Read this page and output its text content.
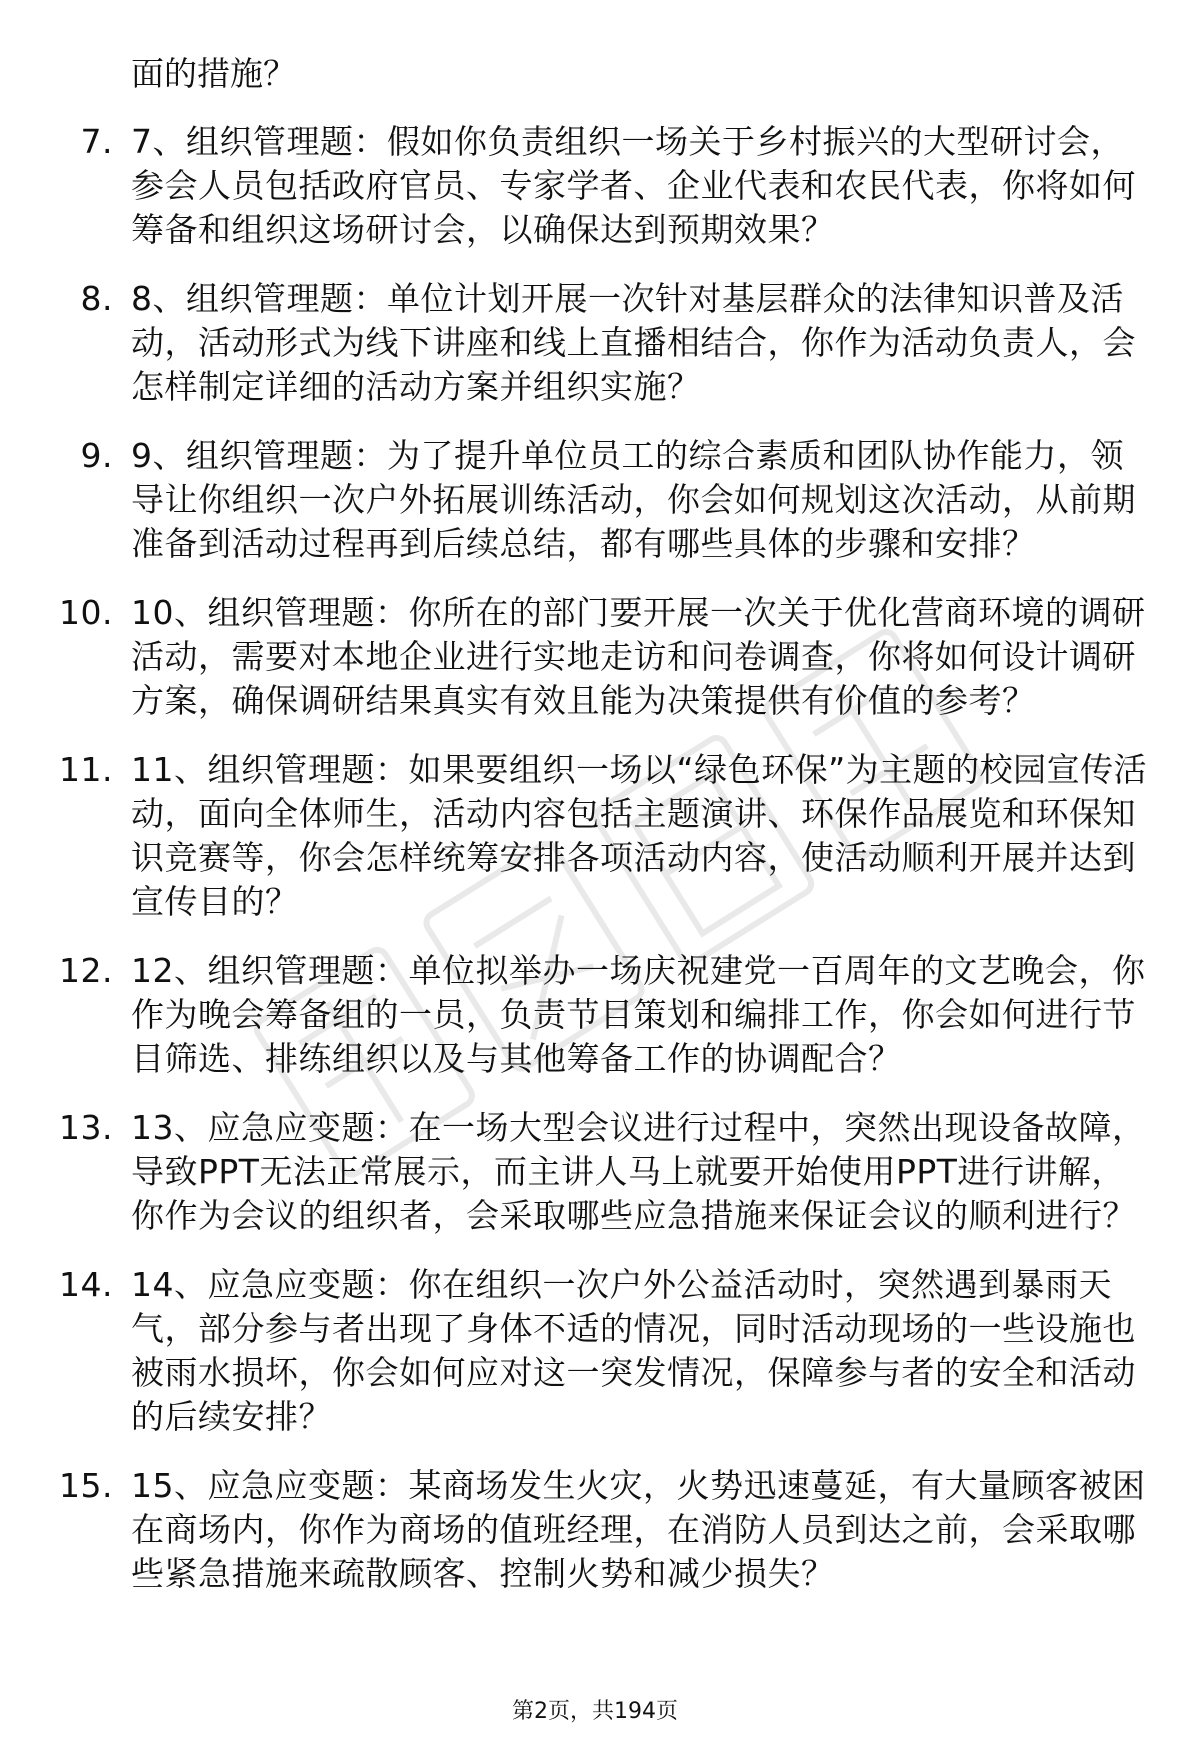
面的措施？

7. 7、组织管理题：假如你负责组织一场关于乡村振兴的大型研讨会，参会人员包括政府官员、专家学者、企业代表和农民代表，你将如何筹备和组织这场研讨会，以确保达到预期效果？
8. 8、组织管理题：单位计划开展一次针对基层群众的法律知识普及活动，活动形式为线下讲座和线上直播相结合，你作为活动负责人，会怎样制定详细的活动方案并组织实施？
9. 9、组织管理题：为了提升单位员工的综合素质和团队协作能力，领导让你组织一次户外拓展训练活动，你会如何规划这次活动，从前期准备到活动过程再到后续总结，都有哪些具体的步骤和安排？
10. 10、组织管理题：你所在的部门要开展一次关于优化营商环境的调研活动，需要对本地企业进行实地走访和问卷调查，你将如何设计调研方案，确保调研结果真实有效且能为决策提供有价值的参考？
11. 11、组织管理题：如果要组织一场以“绿色环保”为主题的校园宣传活动，面向全体师生，活动内容包括主题演讲、环保作品展览和环保知识竞赛等，你会怎样统筹安排各项活动内容，使活动顺利开展并达到宣传目的？
12. 12、组织管理题：单位拟举办一场庆祝建党一百周年的文艺晚会，你作为晚会筹备组的一员，负责节目策划和编排工作，你会如何进行节目筛选、排练组织以及与其他筹备工作的协调配合？
13. 13、应急应变题：在一场大型会议进行过程中，突然出现设备故障，导致PPT无法正常展示，而主讲人马上就要开始使用PPT进行讲解，你作为会议的组织者，会采取哪些应急措施来保证会议的顺利进行？
14. 14、应急应变题：你在组织一次户外公益活动时，突然遇到暴雨天气，部分参与者出现了身体不适的情况，同时活动现场的一些设施也被雨水损坏，你会如何应对这一突发情况，保障参与者的安全和活动的后续安排？
15. 15、应急应变题：某商场发生火灾，火势迅速蔓延，有大量顾客被困在商场内，你作为商场的值班经理，在消防人员到达之前，会采取哪些紧急措施来疏散顾客、控制火势和减少损失？
第2页，共194页
